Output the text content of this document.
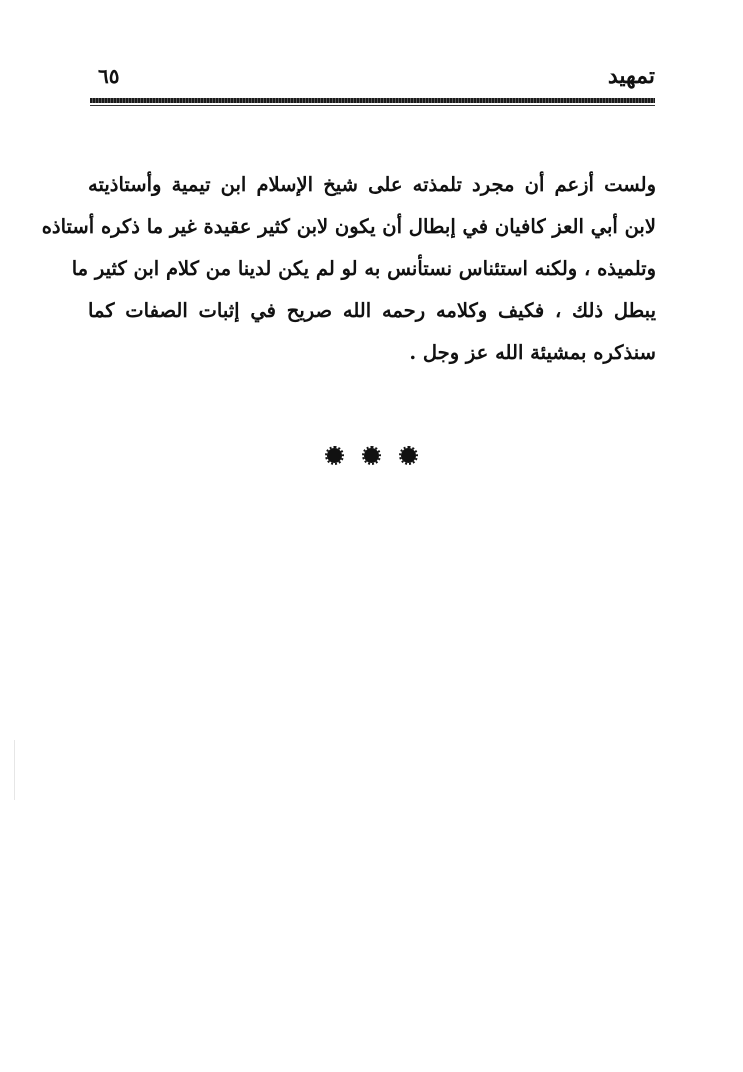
تمهيد
٦٥
ولست أزعم أن مجرد تلمذته على شيخ الإسلام ابن تيمية وأستاذيته
لابن أبي العز كافيان في إبطال أن يكون لابن كثير عقيدة غير ما ذكره أستاذه
وتلميذه ، ولكنه استئناس نستأنس به لو لم يكن لدينا من كلام ابن كثير ما
يبطل ذلك ، فكيف وكلامه رحمه الله صريح في إثبات الصفات كما
سنذكره بمشيئة الله عز وجل .
